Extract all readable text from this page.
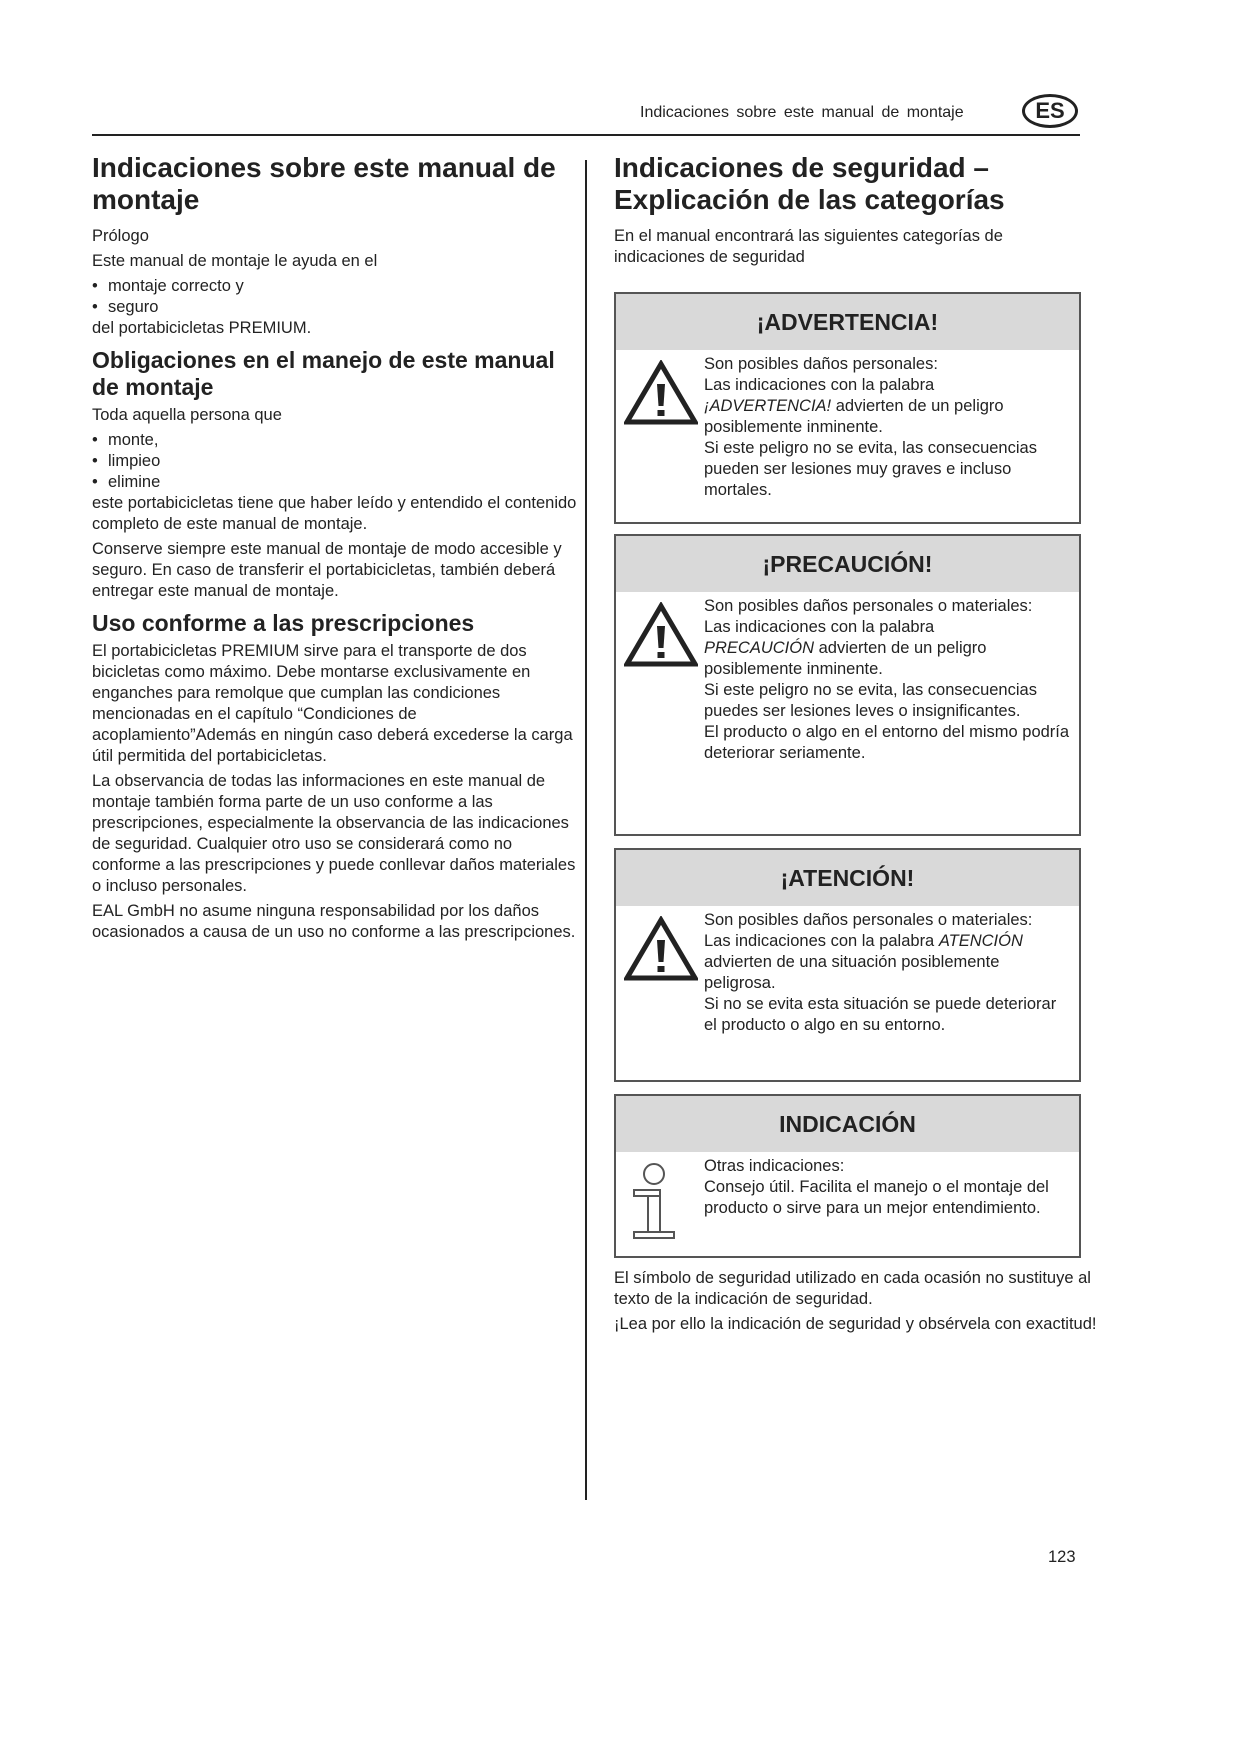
Indicaciones sobre este manual de montaje	ES
Indicaciones sobre este manual de montaje

Prólogo

Este manual de montaje le ayuda en el

• montaje correcto y
• seguro

del portabicicletas PREMIUM.

Obligaciones en el manejo de este manual de montaje

Toda aquella persona que

• monte,
• limpieo
• elimine

este portabicicletas tiene que haber leído y entendido el contenido completo de este manual de montaje.

Conserve siempre este manual de montaje de modo accesible y seguro. En caso de transferir el portabicicletas, también deberá entregar este manual de montaje.

Uso conforme a las prescripciones

El portabicicletas PREMIUM sirve para el transporte de dos bicicletas como máximo. Debe montarse exclusivamente en enganches para remolque que cumplan las condiciones mencionadas en el capítulo “Condiciones de acoplamiento”Además en ningún caso deberá excederse la carga útil permitida del portabicicletas.

La observancia de todas las informaciones en este manual de montaje también forma parte de un uso conforme a las prescripciones, especialmente la observancia de las indicaciones de seguridad. Cualquier otro uso se considerará como no conforme a las prescripciones y puede conllevar daños materiales o incluso personales.

EAL GmbH no asume ninguna responsabilidad por los daños ocasionados a causa de un uso no conforme a las prescripciones.

Indicaciones de seguridad – Explicación de las categorías

En el manual encontrará las siguientes categorías de indicaciones de seguridad

¡ADVERTENCIA!
Son posibles daños personales:
Las indicaciones con la palabra
¡ADVERTENCIA! advierten de un peligro posiblemente inminente.
Si este peligro no se evita, las consecuencias pueden ser lesiones muy graves e incluso mortales.
¡PRECAUCIÓN!
Son posibles daños personales o materiales:
Las indicaciones con la palabra
PRECAUCIÓN advierten de un peligro posiblemente inminente.
Si este peligro no se evita, las consecuencias puedes ser lesiones leves o insignificantes.
El producto o algo en el entorno del mismo podría deteriorar seriamente.
¡ATENCIÓN!
Son posibles daños personales o materiales:
Las indicaciones con la palabra ATENCIÓN advierten de una situación posiblemente peligrosa.
Si no se evita esta situación se puede deteriorar el producto o algo en su entorno.
INDICACIÓN
Otras indicaciones:
Consejo útil. Facilita el manejo o el montaje del producto o sirve para un mejor entendimiento.

El símbolo de seguridad utilizado en cada ocasión no sustituye al texto de la indicación de seguridad.

¡Lea por ello la indicación de seguridad y obsérvela con exactitud!

123
